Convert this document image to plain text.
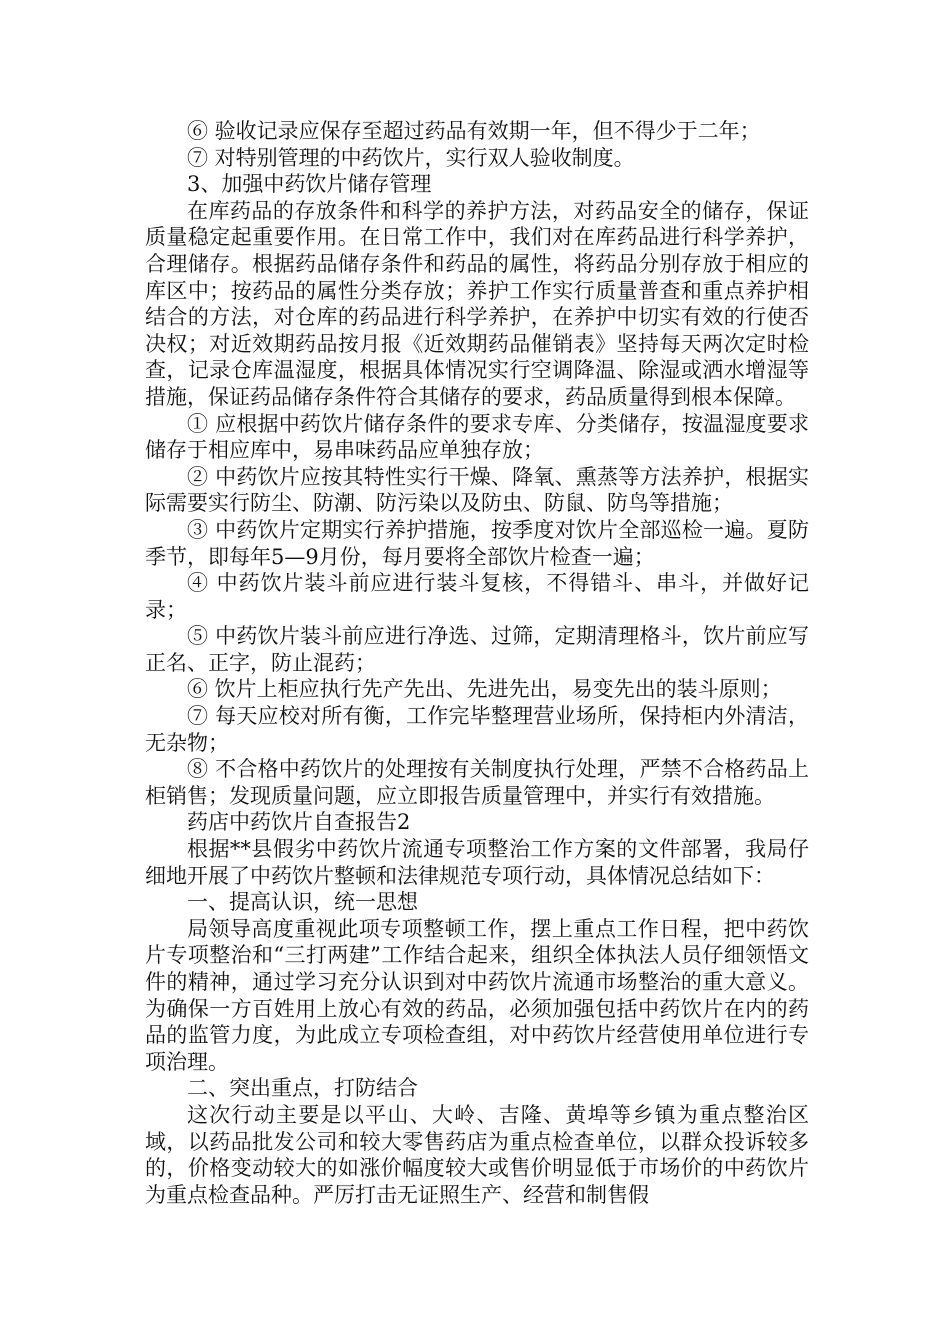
⑥ 验收记录应保存至超过药品有效期一年，但不得少于二年；

⑦ 对特别管理的中药饮片，实行双人验收制度。

3、加强中药饮片储存管理

在库药品的存放条件和科学的养护方法，对药品安全的储存，保证质量稳定起重要作用。在日常工作中，我们对在库药品进行科学养护，合理储存。根据药品储存条件和药品的属性，将药品分别存放于相应的库区中；按药品的属性分类存放；养护工作实行质量普查和重点养护相结合的方法，对仓库的药品进行科学养护，在养护中切实有效的行使否决权；对近效期药品按月报《近效期药品催销表》坚持每天两次定时检查，记录仓库温湿度，根据具体情况实行空调降温、除湿或洒水增湿等措施，保证药品储存条件符合其储存的要求，药品质量得到根本保障。

① 应根据中药饮片储存条件的要求专库、分类储存，按温湿度要求储存于相应库中，易串味药品应单独存放；

② 中药饮片应按其特性实行干燥、降氧、熏蒸等方法养护，根据实际需要实行防尘、防潮、防污染以及防虫、防鼠、防鸟等措施；

③ 中药饮片定期实行养护措施，按季度对饮片全部巡检一遍。夏防季节，即每年5—9月份，每月要将全部饮片检查一遍；

④ 中药饮片装斗前应进行装斗复核，不得错斗、串斗，并做好记录；

⑤ 中药饮片装斗前应进行净选、过筛，定期清理格斗，饮片前应写正名、正字，防止混药；

⑥ 饮片上柜应执行先产先出、先进先出，易变先出的装斗原则；

⑦ 每天应校对所有衡，工作完毕整理营业场所，保持柜内外清洁，无杂物；

⑧ 不合格中药饮片的处理按有关制度执行处理，严禁不合格药品上柜销售；发现质量问题，应立即报告质量管理中，并实行有效措施。

药店中药饮片自查报告2

根据**县假劣中药饮片流通专项整治工作方案的文件部署，我局仔细地开展了中药饮片整顿和法律规范专项行动，具体情况总结如下：

一、提高认识，统一思想

局领导高度重视此项专项整顿工作，摆上重点工作日程，把中药饮片专项整治和“三打两建”工作结合起来，组织全体执法人员仔细领悟文件的精神，通过学习充分认识到对中药饮片流通市场整治的重大意义。为确保一方百姓用上放心有效的药品，必须加强包括中药饮片在内的药品的监管力度，为此成立专项检查组，对中药饮片经营使用单位进行专项治理。

二、突出重点，打防结合

这次行动主要是以平山、大岭、吉隆、黄埠等乡镇为重点整治区域，以药品批发公司和较大零售药店为重点检查单位，以群众投诉较多的，价格变动较大的如涨价幅度较大或售价明显低于市场价的中药饮片为重点检查品种。严厉打击无证照生产、经营和制售假
